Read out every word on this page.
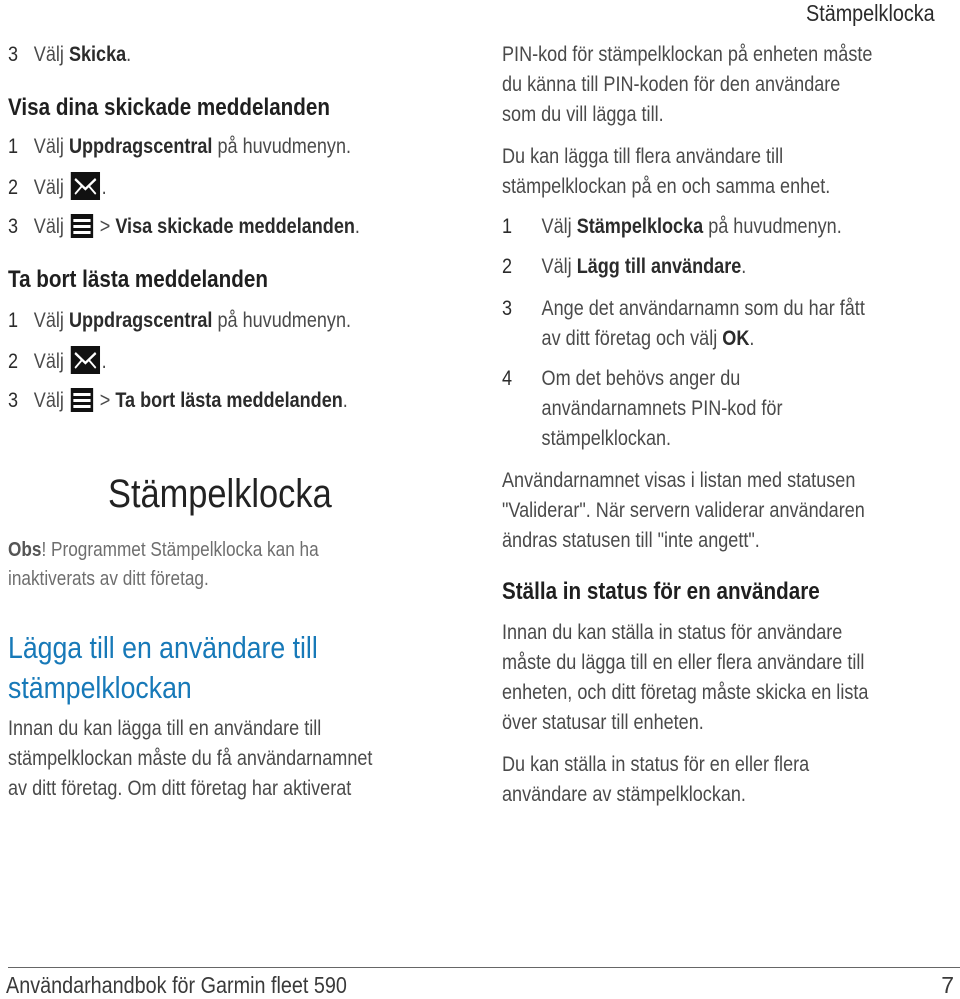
Stämpelklocka
3 Välj Skicka.
Visa dina skickade meddelanden
1 Välj Uppdragscentral på huvudmenyn.
2 Välj
.
3 Välj
> Visa skickade meddelanden.
Ta bort lästa meddelanden
1 Välj Uppdragscentral på huvudmenyn.
2 Välj
.
3 Välj
> Ta bort lästa meddelanden.
Stämpelklocka
Obs! Programmet Stämpelklocka kan ha
inaktiverats av ditt företag.
Lägga till en användare till
stämpelklockan
Innan du kan lägga till en användare till
stämpelklockan måste du få användarnamnet
av ditt företag. Om ditt företag har aktiverat
PIN-kod för stämpelklockan på enheten måste
du känna till PIN-koden för den användare
som du vill lägga till.
Du kan lägga till flera användare till
stämpelklockan på en och samma enhet.
1 Välj Stämpelklocka på huvudmenyn.
2 Välj Lägg till användare.
3 Ange det användarnamn som du har fått
av ditt företag och välj OK.
4 Om det behövs anger du
användarnamnets PIN-kod för
stämpelklockan.
Användarnamnet visas i listan med statusen
"Validerar". När servern validerar användaren
ändras statusen till "inte angett".
Ställa in status för en användare
Innan du kan ställa in status för användare
måste du lägga till en eller flera användare till
enheten, och ditt företag måste skicka en lista
över statusar till enheten.
Du kan ställa in status för en eller flera
användare av stämpelklockan.
Användarhandbok för Garmin fleet 590	7
